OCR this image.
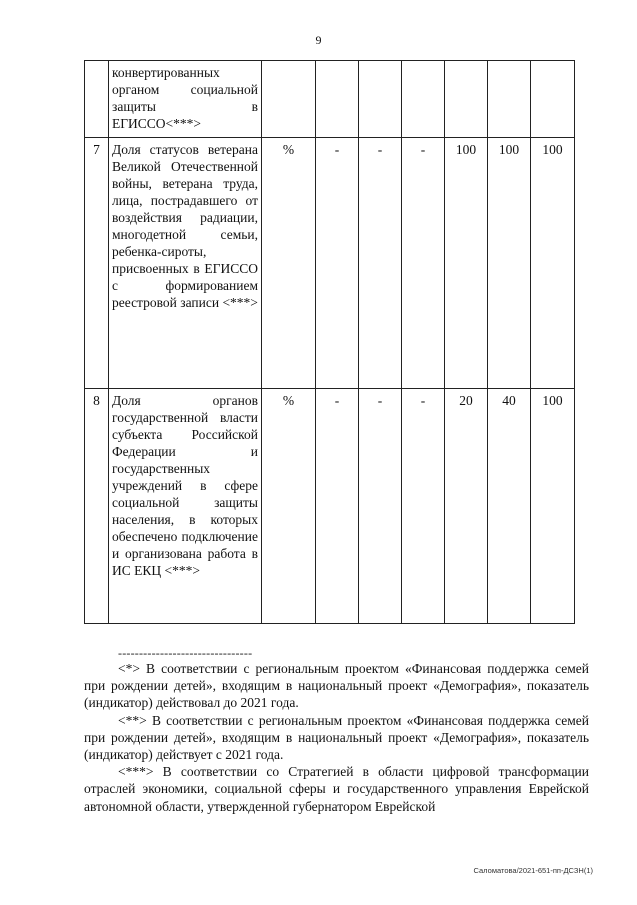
9
	конвертированных органом социальной защиты в ЕГИССО<***>							
7	Доля статусов ветерана Великой Отечественной войны, ветерана труда, лица, пострадавшего от воздействия радиации, многодетной семьи, ребенка-сироты, присвоенных в ЕГИССО с формированием реестровой записи <***>	%	-	-	-	100	100	100
8	Доля органов государственной власти субъекта Российской Федерации и государственных учреждений в сфере социальной защиты населения, в которых обеспечено подключение и организована работа в ИС ЕКЦ <***>	%	-	-	-	20	40	100
--------------------------------

<*> В соответствии с региональным проектом «Финансовая поддержка семей при рождении детей», входящим в национальный проект «Демография», показатель (индикатор) действовал до 2021 года.

<**> В соответствии с региональным проектом «Финансовая поддержка семей при рождении детей», входящим в национальный проект «Демография», показатель (индикатор) действует с 2021 года.

<***> В соответствии со Стратегией в области цифровой трансформации отраслей экономики, социальной сферы и государственного управления Еврейской автономной области, утвержденной губернатором Еврейской

Саломатова/2021-651-пп-ДСЗН(1)
